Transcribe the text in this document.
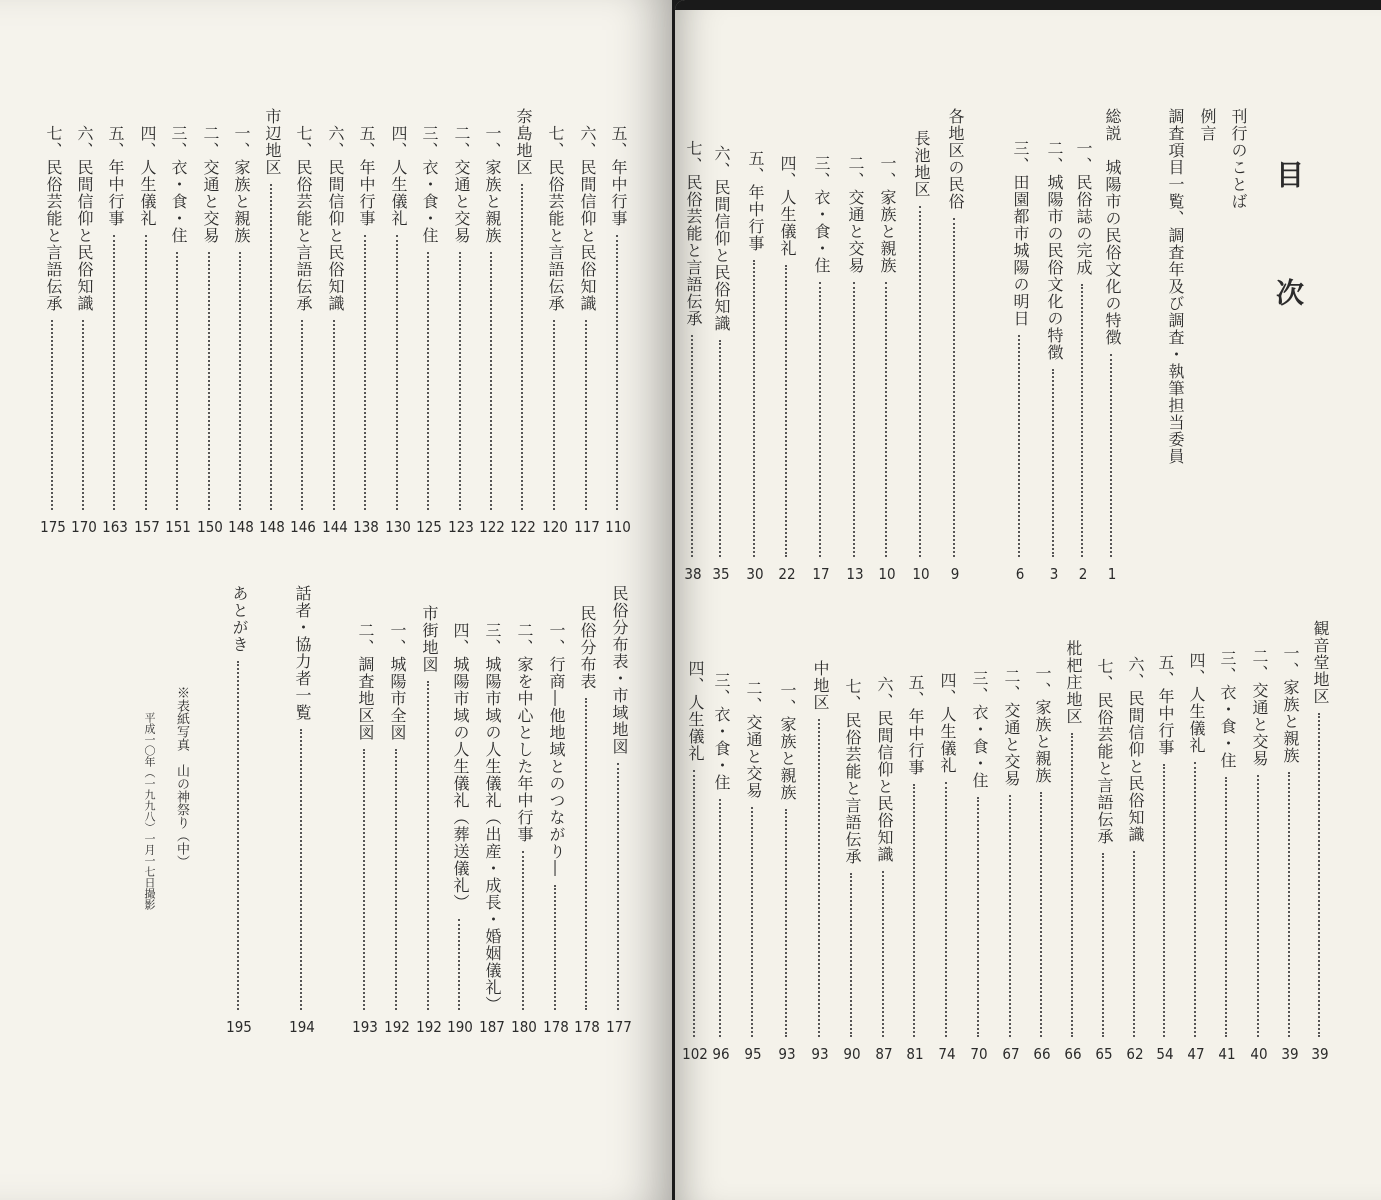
※表紙写真　山の神祭り（中）
平成一〇年（一九九八）一月一七日撮影
五、年中行事
110
六、民間信仰と民俗知識
117
七、民俗芸能と言語伝承
120
奈島地区
122
一、家族と親族
122
二、交通と交易
123
三、衣・食・住
125
四、人生儀礼
130
五、年中行事
138
六、民間信仰と民俗知識
144
七、民俗芸能と言語伝承
146
市辺地区
148
一、家族と親族
148
二、交通と交易
150
三、衣・食・住
151
四、人生儀礼
157
五、年中行事
163
六、民間信仰と民俗知識
170
七、民俗芸能と言語伝承
175
民俗分布表・市域地図
177
民俗分布表
178
一、行商―他地域とのつながり―
178
二、家を中心とした年中行事
180
三、城陽市域の人生儀礼（出産・成長・婚姻儀礼）
187
四、城陽市域の人生儀礼（葬送儀礼）
190
市街地図
192
一、城陽市全図
192
二、調査地区図
193
話者・協力者一覧
194
あとがき
195
刊行のことば
例言
調査項目一覧、調査年及び調査・執筆担当委員
総説　城陽市の民俗文化の特徴
1
一、民俗誌の完成
2
二、城陽市の民俗文化の特徴
3
三、田園都市城陽の明日
6
各地区の民俗
9
長池地区
10
一、家族と親族
10
二、交通と交易
13
三、衣・食・住
17
四、人生儀礼
22
五、年中行事
30
六、民間信仰と民俗知識
35
七、民俗芸能と言語伝承
38
観音堂地区
39
一、家族と親族
39
二、交通と交易
40
三、衣・食・住
41
四、人生儀礼
47
五、年中行事
54
六、民間信仰と民俗知識
62
七、民俗芸能と言語伝承
65
枇杷庄地区
66
一、家族と親族
66
二、交通と交易
67
三、衣・食・住
70
四、人生儀礼
74
五、年中行事
81
六、民間信仰と民俗知識
87
七、民俗芸能と言語伝承
90
中地区
93
一、家族と親族
93
二、交通と交易
95
三、衣・食・住
96
四、人生儀礼
102
目 次
